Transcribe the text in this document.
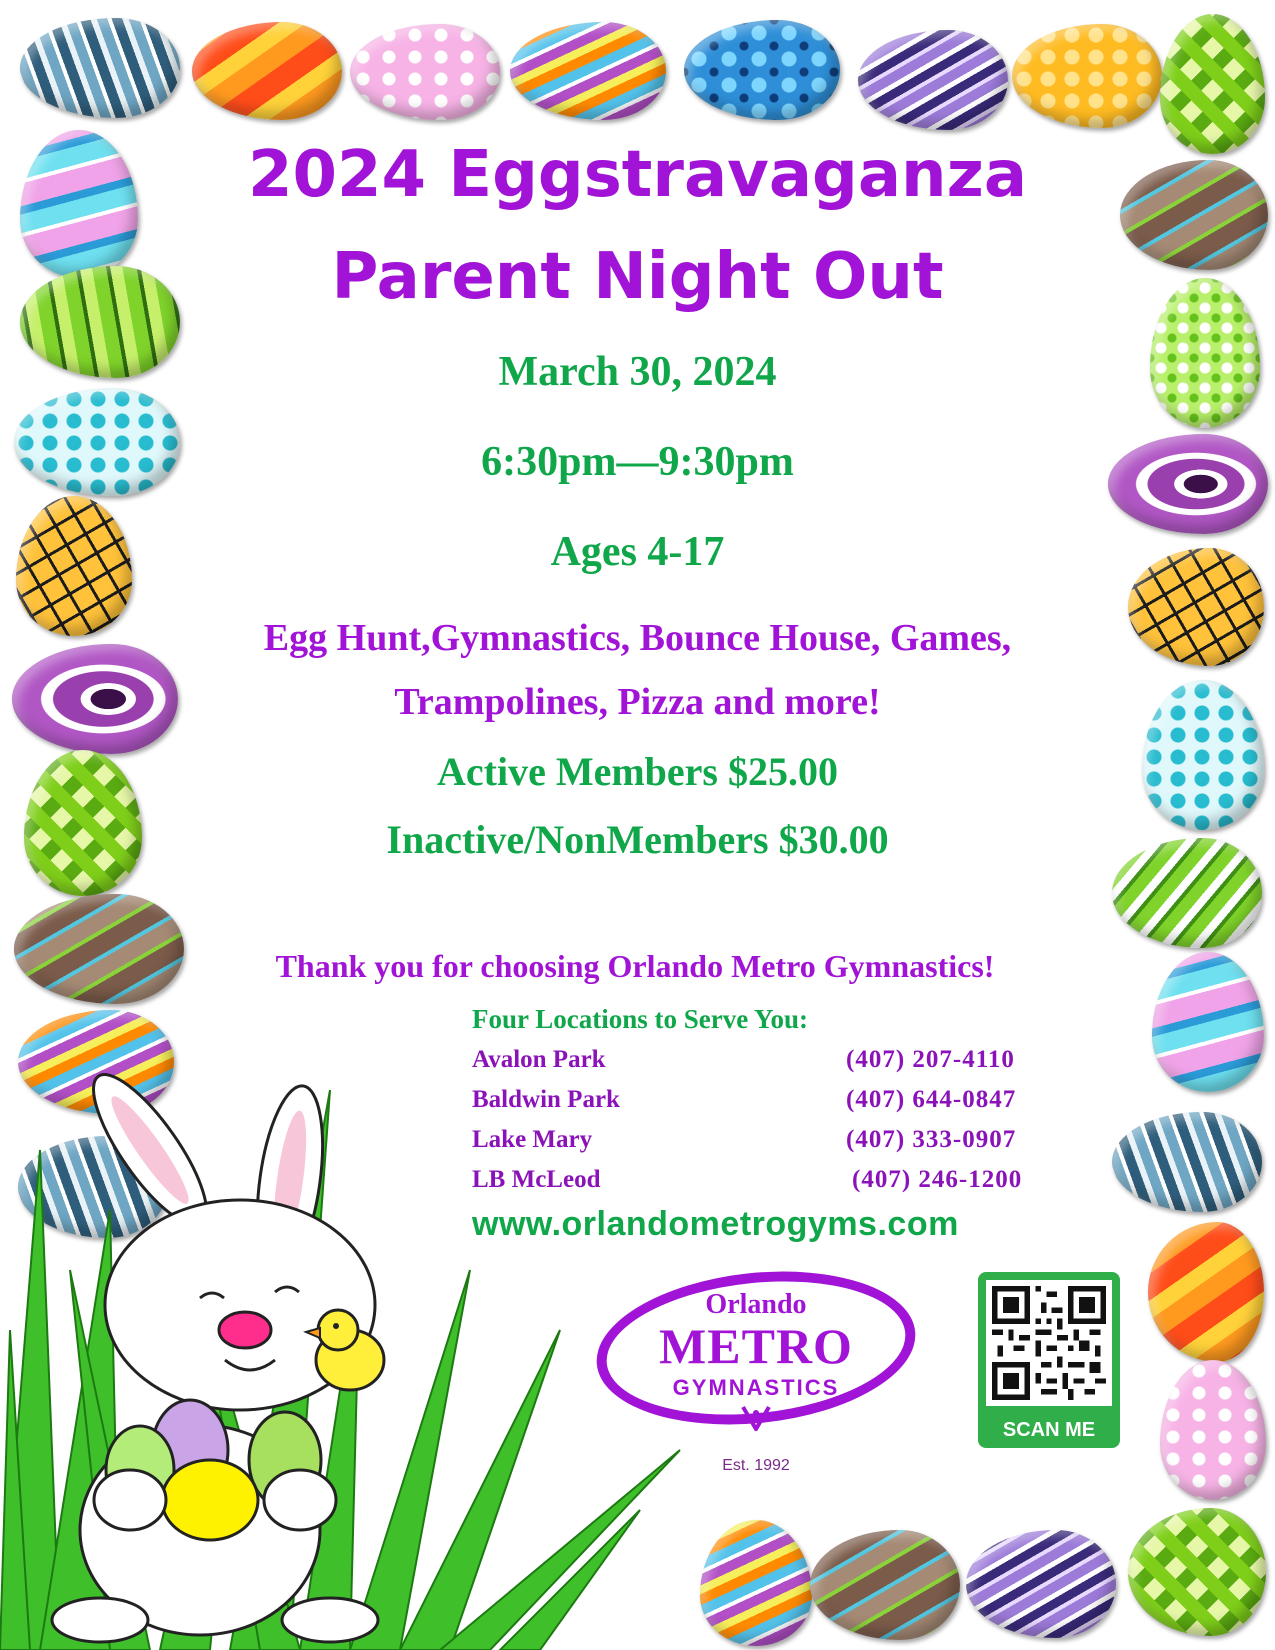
2024 Eggstravaganza
Parent Night Out
March 30, 2024
6:30pm—9:30pm
Ages 4-17
Egg Hunt,Gymnastics, Bounce House, Games,
Trampolines, Pizza and more!
Active Members $25.00
Inactive/NonMembers $30.00
Thank you for choosing Orlando Metro Gymnastics!
Four Locations to Serve You:
Avalon Park	(407) 207-4110
Baldwin Park	(407) 644-0847
Lake Mary	(407) 333-0907
LB McLeod	(407) 246-1200
www.orlandometrogyms.com
Orlando
METRO
GYMNASTICS
Est. 1992
SCAN ME
